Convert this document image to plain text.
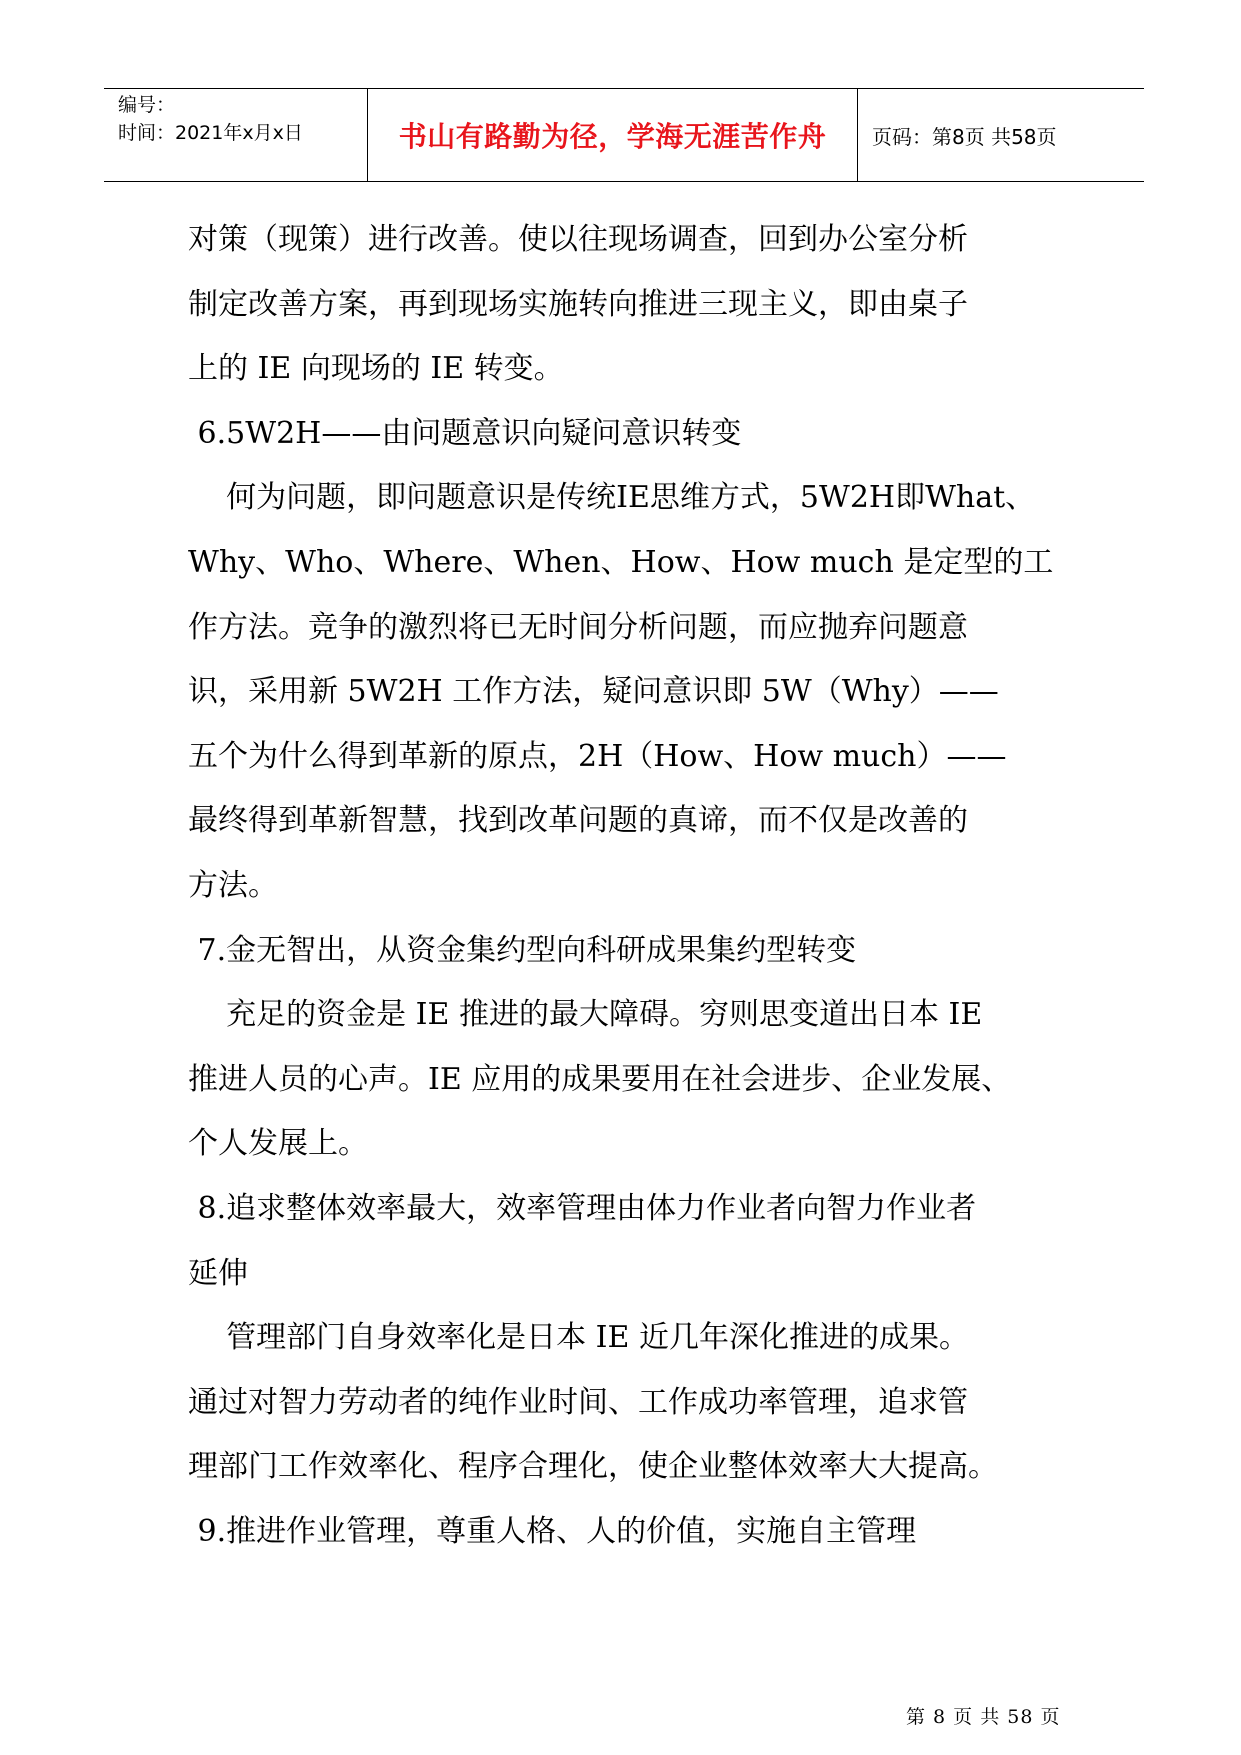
编号：
时间：2021年x月x日	书山有路勤为径，学海无涯苦作舟	页码：第8页 共58页
对策（现策）进行改善。使以往现场调查，回到办公室分析
制定改善方案，再到现场实施转向推进三现主义，即由桌子
上的 IE 向现场的 IE 转变。
6.5W2H——由问题意识向疑问意识转变
何为问题，即问题意识是传统IE思维方式，5W2H即What、
Why、Who、Where、When、How、How much 是定型的工
作方法。竞争的激烈将已无时间分析问题，而应抛弃问题意
识，采用新 5W2H 工作方法，疑问意识即 5W（Why）——
五个为什么得到革新的原点，2H（How、How much）——
最终得到革新智慧，找到改革问题的真谛，而不仅是改善的
方法。
7.金无智出，从资金集约型向科研成果集约型转变
充足的资金是 IE 推进的最大障碍。穷则思变道出日本 IE
推进人员的心声。IE 应用的成果要用在社会进步、企业发展、
个人发展上。
8.追求整体效率最大，效率管理由体力作业者向智力作业者
延伸
管理部门自身效率化是日本 IE 近几年深化推进的成果。
通过对智力劳动者的纯作业时间、工作成功率管理，追求管
理部门工作效率化、程序合理化，使企业整体效率大大提高。
9.推进作业管理，尊重人格、人的价值，实施自主管理
第 8 页 共 58 页
